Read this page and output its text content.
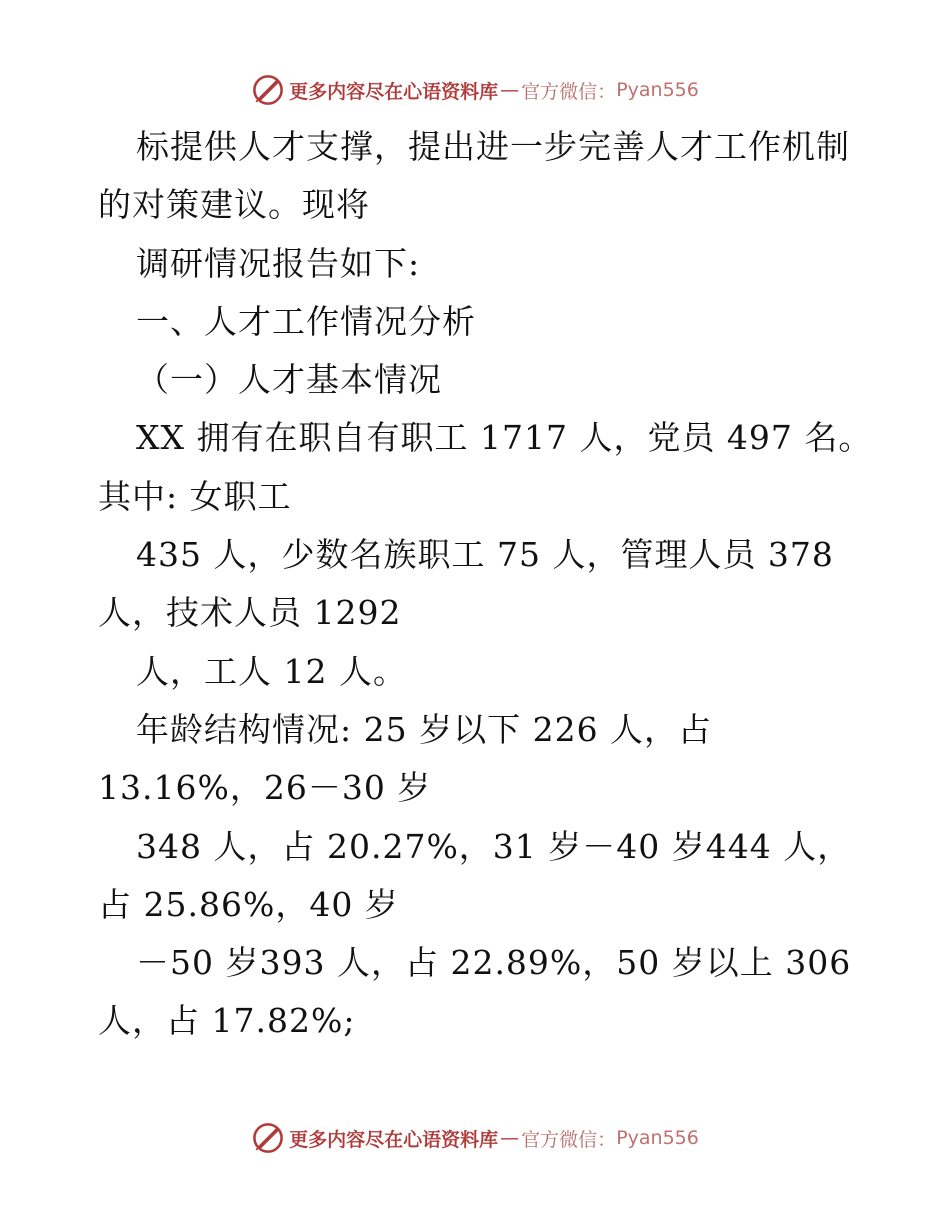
更多内容尽在心语资料库 — 官方微信： Pyan556
标提供人才支撑，提出进一步完善人才工作机制
的对策建议。现将
调研情况报告如下:
一、人才工作情况分析
（一）人才基本情况
XX 拥有在职自有职工 1717 人，党员 497 名。
其中: 女职工
435 人，少数名族职工 75 人，管理人员 378
人，技术人员 1292
人，工人 12 人。
年龄结构情况: 25 岁以下 226 人，占
13.16%，26－30 岁
348 人，占 20.27%，31 岁－40 岁444 人，
占 25.86%，40 岁
－50 岁393 人，占 22.89%，50 岁以上 306
人，占 17.82%;
更多内容尽在心语资料库 — 官方微信： Pyan556
